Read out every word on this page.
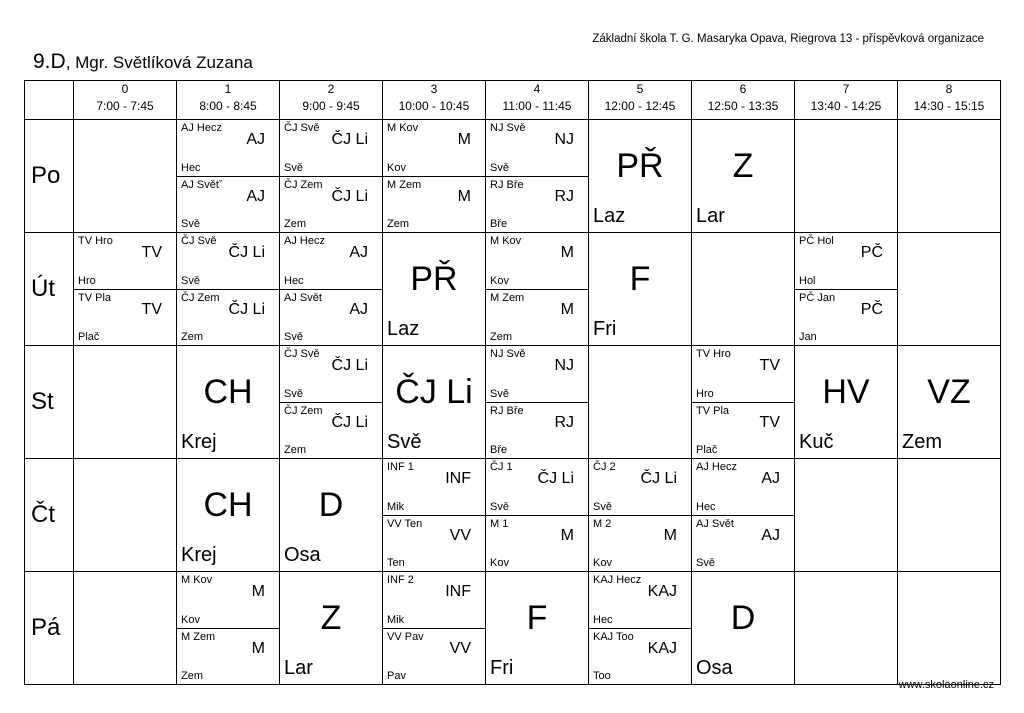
Základní škola T. G. Masaryka Opava, Riegrova 13 - příspěvková organizace
9.D, Mgr. Světlíková Zuzana
0
7:00 - 7:45
1
8:00 - 8:45
2
9:00 - 9:45
3
10:00 - 10:45
4
11:00 - 11:45
5
12:00 - 12:45
6
12:50 - 13:35
7
13:40 - 14:25
8
14:30 - 15:15
Po
AJ Hecz
AJ
Hec
AJ Světˇ
AJ
Svě
ČJ Svě
ČJ Li
Svě
ČJ Zem
ČJ Li
Zem
M Kov
M
Kov
M Zem
M
Zem
NJ Svě
NJ
Svě
RJ Bře
RJ
Bře
PŘ
Laz
Z
Lar
Út
TV Hro
TV
Hro
TV Pla
TV
Plač
ČJ Svě
ČJ Li
Svě
ČJ Zem
ČJ Li
Zem
AJ Hecz
AJ
Hec
AJ Svět
AJ
Svě
PŘ
Laz
M Kov
M
Kov
M Zem
M
Zem
F
Fri
PČ Hol
PČ
Hol
PČ Jan
PČ
Jan
St	CH
Krej
ČJ Svě
ČJ Li
Svě
ČJ Zem
ČJ Li
Zem
ČJ Li
Svě
NJ Svě
NJ
Svě
RJ Bře
RJ
Bře
TV Hro
TV
Hro
TV Pla
TV
Plač
HV
Kuč
VZ
Zem
Čt	CH
Krej
D
Osa
INF 1
INF
Mik
VV Ten
VV
Ten
ČJ 1
ČJ Li
Svě
M 1
M
Kov
ČJ 2
ČJ Li
Svě
M 2
M
Kov
AJ Hecz
AJ
Hec
AJ Svět
AJ
Svě
Pá
M Kov
M
Kov
M Zem
M
Zem
Z
Lar
INF 2
INF
Mik
VV Pav
VV
Pav
F
Fri
KAJ Hecz
KAJ
Hec
KAJ Too
KAJ
Too
D
Osa
www.skolaonline.cz
